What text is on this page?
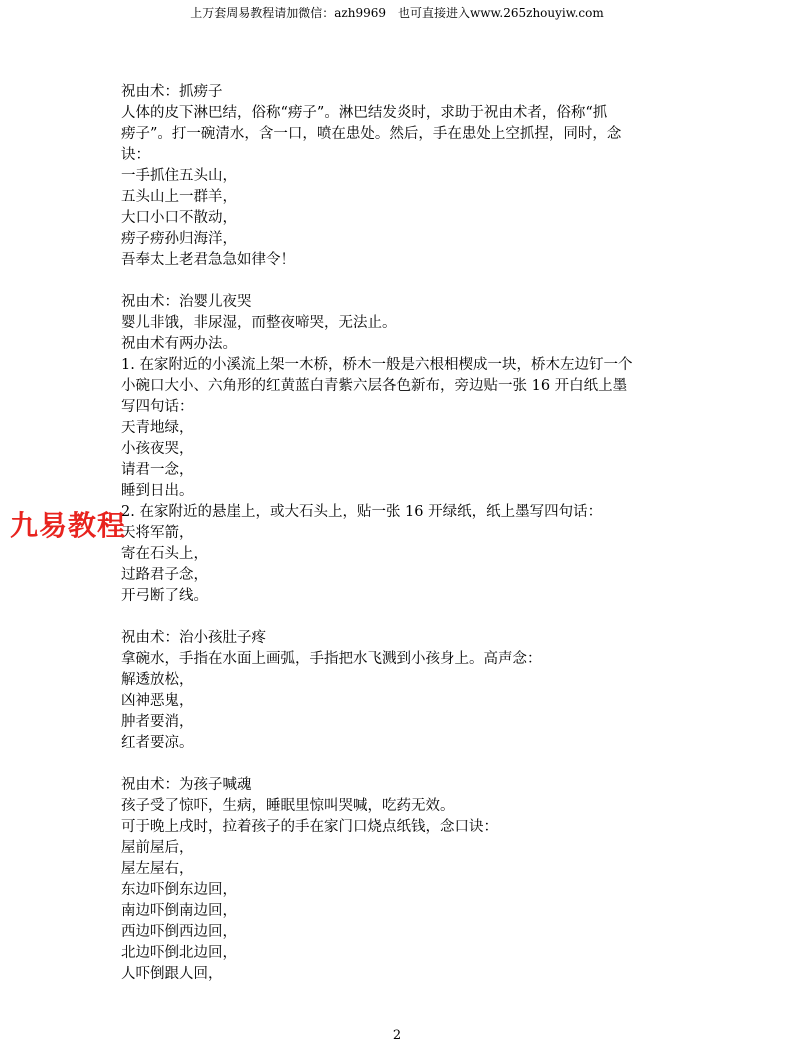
上万套周易教程请加微信：azh9969　也可直接进入www.265zhouyiw.com

祝由术：抓痨子

人体的皮下淋巴结，俗称“痨子”。淋巴结发炎时，求助于祝由术者，俗称“抓

痨子”。打一碗清水，含一口，喷在患处。然后，手在患处上空抓捏，同时，念

诀：

一手抓住五头山，

五头山上一群羊，

大口小口不散动，

痨子痨孙归海洋，

吾奉太上老君急急如律令！

祝由术：治婴儿夜哭

婴儿非饿，非尿湿，而整夜啼哭，无法止。

祝由术有两办法。

1. 在家附近的小溪流上架一木桥，桥木一般是六根相楔成一块，桥木左边钉一个

小碗口大小、六角形的红黄蓝白青紫六层各色新布，旁边贴一张 16 开白纸上墨

写四句话：

天青地绿，

小孩夜哭，

请君一念，

睡到日出。

2. 在家附近的悬崖上，或大石头上，贴一张 16 开绿纸，纸上墨写四句话：

天将军箭，

寄在石头上，

过路君子念，

开弓断了线。

祝由术：治小孩肚子疼

拿碗水，手指在水面上画弧，手指把水飞溅到小孩身上。高声念：

解透放松，

凶神恶鬼，

肿者要消，

红者要凉。

祝由术：为孩子喊魂

孩子受了惊吓，生病，睡眠里惊叫哭喊，吃药无效。

可于晚上戌时，拉着孩子的手在家门口烧点纸钱，念口诀：

屋前屋后，

屋左屋右，

东边吓倒东边回，

南边吓倒南边回，

西边吓倒西边回，

北边吓倒北边回，

人吓倒跟人回，

九易教程
2
